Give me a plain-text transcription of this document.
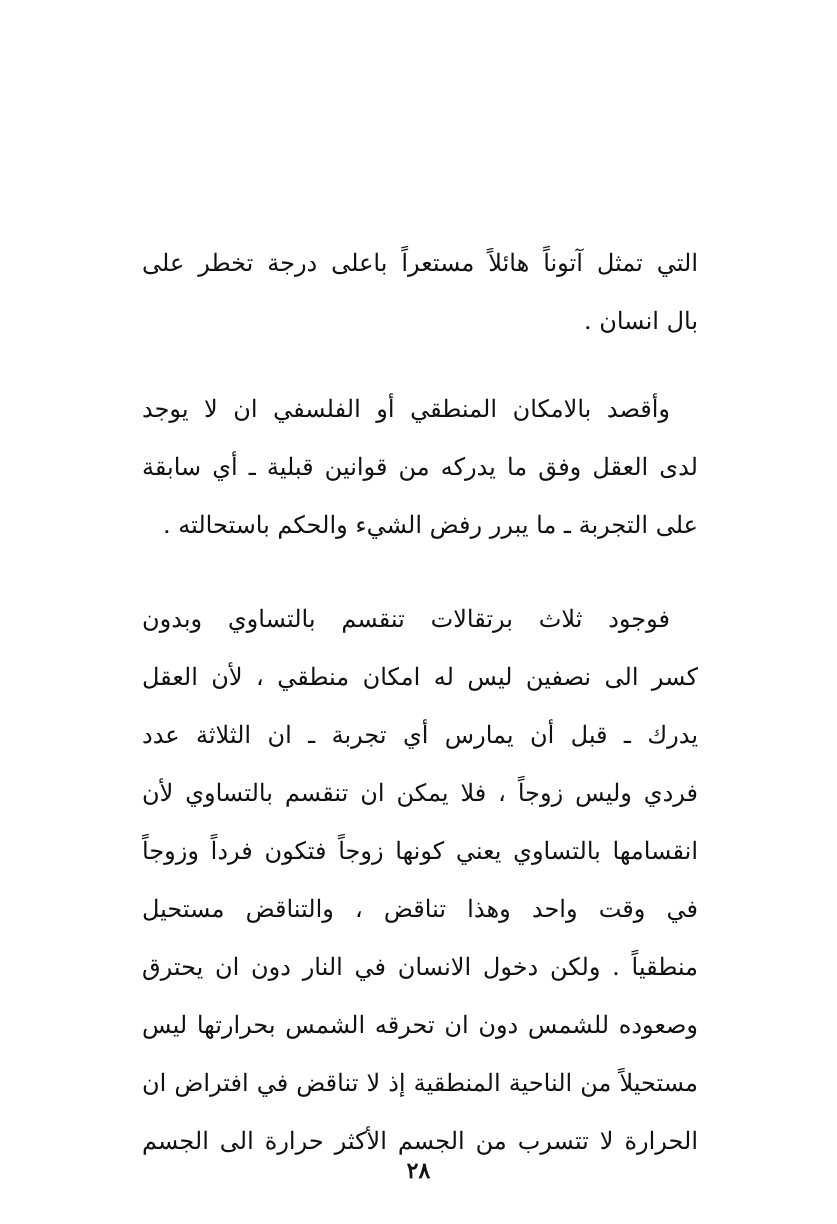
التي تمثل آتوناً هائلاً مستعراً باعلى درجة تخطر على
بال انسان .
وأقصد بالامكان المنطقي أو الفلسفي ان لا يوجد
لدى العقل وفق ما يدركه من قوانين قبلية ـ أي سابقة
على التجربة ـ ما يبرر رفض الشيء والحكم باستحالته .
فوجود ثلاث برتقالات تنقسم بالتساوي وبدون
كسر الى نصفين ليس له امكان منطقي ، لأن العقل
يدرك ـ قبل أن يمارس أي تجربة ـ ان الثلاثة عدد
فردي وليس زوجاً ، فلا يمكن ان تنقسم بالتساوي لأن
انقسامها بالتساوي يعني كونها زوجاً فتكون فرداً وزوجاً
في وقت واحد وهذا تناقض ، والتناقض مستحيل
منطقياً . ولكن دخول الانسان في النار دون ان يحترق
وصعوده للشمس دون ان تحرقه الشمس بحرارتها ليس
مستحيلاً من الناحية المنطقية إذ لا تناقض في افتراض ان
الحرارة لا تتسرب من الجسم الأكثر حرارة الى الجسم
٢٨
